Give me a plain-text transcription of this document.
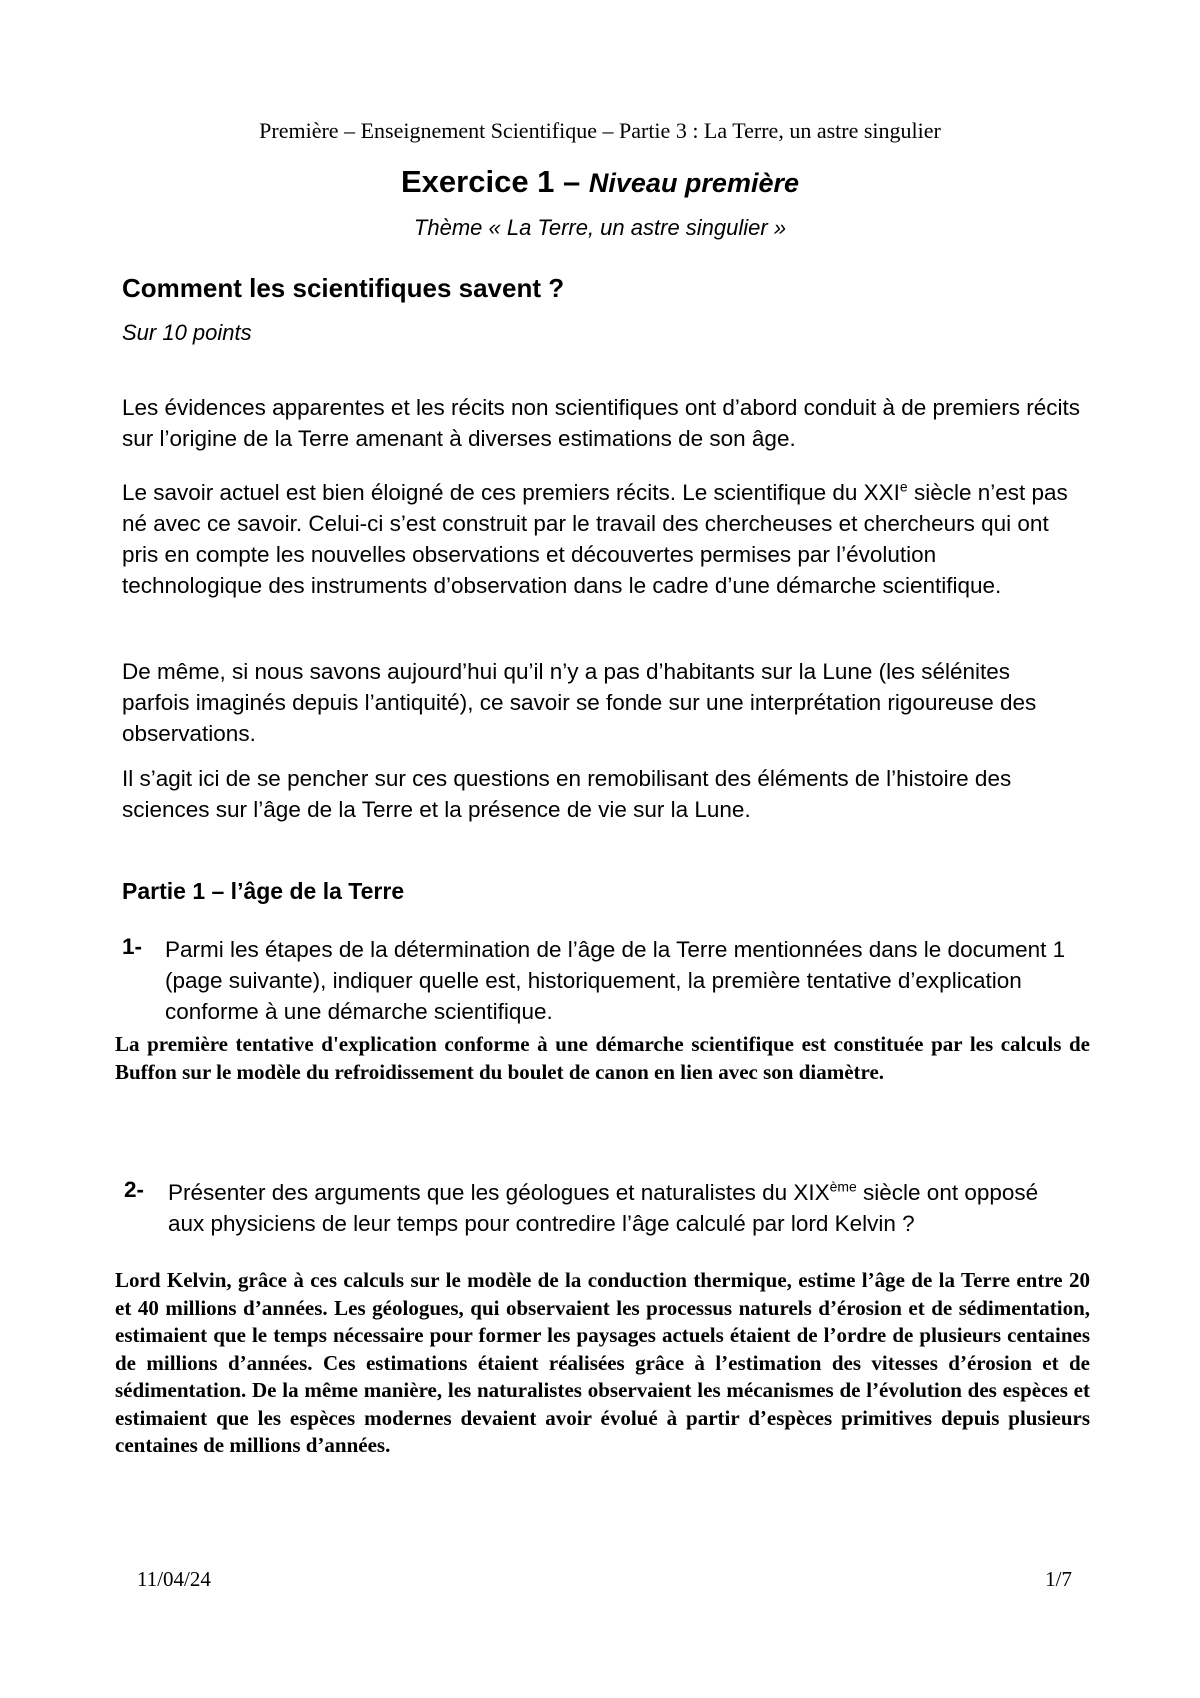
Première – Enseignement Scientifique – Partie 3 : La Terre, un astre singulier
Exercice 1 – Niveau première
Thème « La Terre, un astre singulier »
Comment les scientifiques savent ?
Sur 10 points

Les évidences apparentes et les récits non scientifiques ont d’abord conduit à de premiers récits sur l’origine de la Terre amenant à diverses estimations de son âge.

Le savoir actuel est bien éloigné de ces premiers récits. Le scientifique du XXIe siècle n’est pas né avec ce savoir. Celui-ci s’est construit par le travail des chercheuses et chercheurs qui ont pris en compte les nouvelles observations et découvertes permises par l’évolution technologique des instruments d’observation dans le cadre d’une démarche scientifique.

De même, si nous savons aujourd’hui qu’il n’y a pas d’habitants sur la Lune (les sélénites parfois imaginés depuis l’antiquité), ce savoir se fonde sur une interprétation rigoureuse des observations.

Il s’agit ici de se pencher sur ces questions en remobilisant des éléments de l’histoire des sciences sur l’âge de la Terre et la présence de vie sur la Lune.

Partie 1 – l’âge de la Terre
1- Parmi les étapes de la détermination de l’âge de la Terre mentionnées dans le document 1 (page suivante), indiquer quelle est, historiquement, la première tentative d’explication conforme à une démarche scientifique.

La première tentative d'explication conforme à une démarche scientifique est constituée par les calculs de Buffon sur le modèle du refroidissement du boulet de canon en lien avec son diamètre.

2- Présenter des arguments que les géologues et naturalistes du XIXème siècle ont opposé aux physiciens de leur temps pour contredire l’âge calculé par lord Kelvin ?

Lord Kelvin, grâce à ces calculs sur le modèle de la conduction thermique, estime l’âge de la Terre entre 20 et 40 millions d’années. Les géologues, qui observaient les processus naturels d’érosion et de sédimentation, estimaient que le temps nécessaire pour former les paysages actuels étaient de l’ordre de plusieurs centaines de millions d’années. Ces estimations étaient réalisées grâce à l’estimation des vitesses d’érosion et de sédimentation. De la même manière, les naturalistes observaient les mécanismes de l’évolution des espèces et estimaient que les espèces modernes devaient avoir évolué à partir d’espèces primitives depuis plusieurs centaines de millions d’années.

11/04/24	1/7
